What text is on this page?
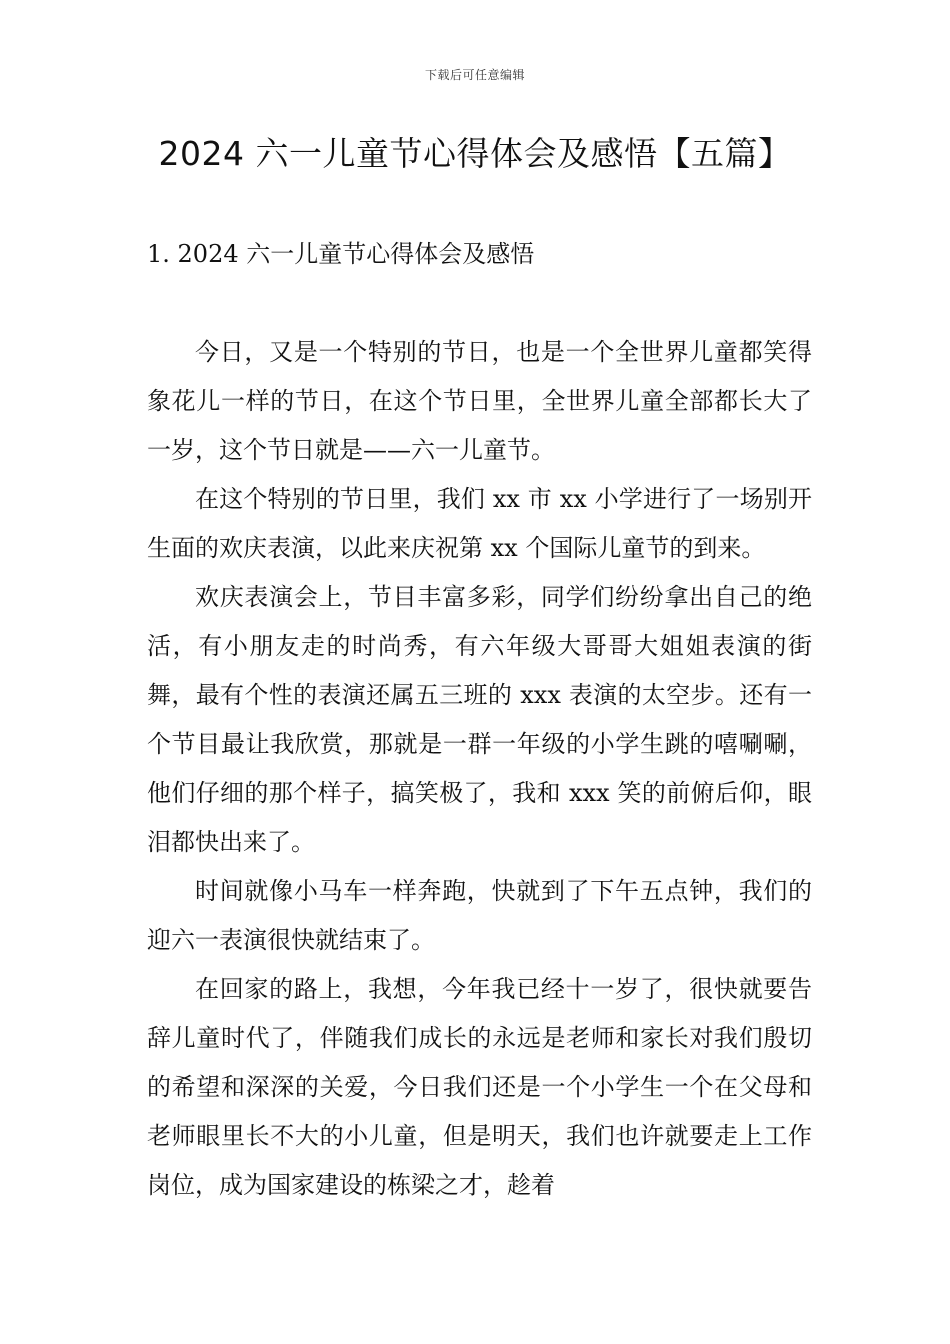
下载后可任意编辑
2024 六一儿童节心得体会及感悟【五篇】
1. 2024 六一儿童节心得体会及感悟

今日，又是一个特别的节日，也是一个全世界儿童都笑得象花儿一样的节日，在这个节日里，全世界儿童全部都长大了一岁，这个节日就是——六一儿童节。

在这个特别的节日里，我们 xx 市 xx 小学进行了一场别开生面的欢庆表演，以此来庆祝第 xx 个国际儿童节的到来。

欢庆表演会上，节目丰富多彩，同学们纷纷拿出自己的绝活，有小朋友走的时尚秀，有六年级大哥哥大姐姐表演的街舞，最有个性的表演还属五三班的 xxx 表演的太空步。还有一个节目最让我欣赏，那就是一群一年级的小学生跳的嘻唰唰，他们仔细的那个样子，搞笑极了，我和 xxx 笑的前俯后仰，眼泪都快出来了。

时间就像小马车一样奔跑，快就到了下午五点钟，我们的迎六一表演很快就结束了。

在回家的路上，我想，今年我已经十一岁了，很快就要告辞儿童时代了，伴随我们成长的永远是老师和家长对我们殷切的希望和深深的关爱，今日我们还是一个小学生一个在父母和老师眼里长不大的小儿童，但是明天，我们也许就要走上工作岗位，成为国家建设的栋梁之才，趁着
